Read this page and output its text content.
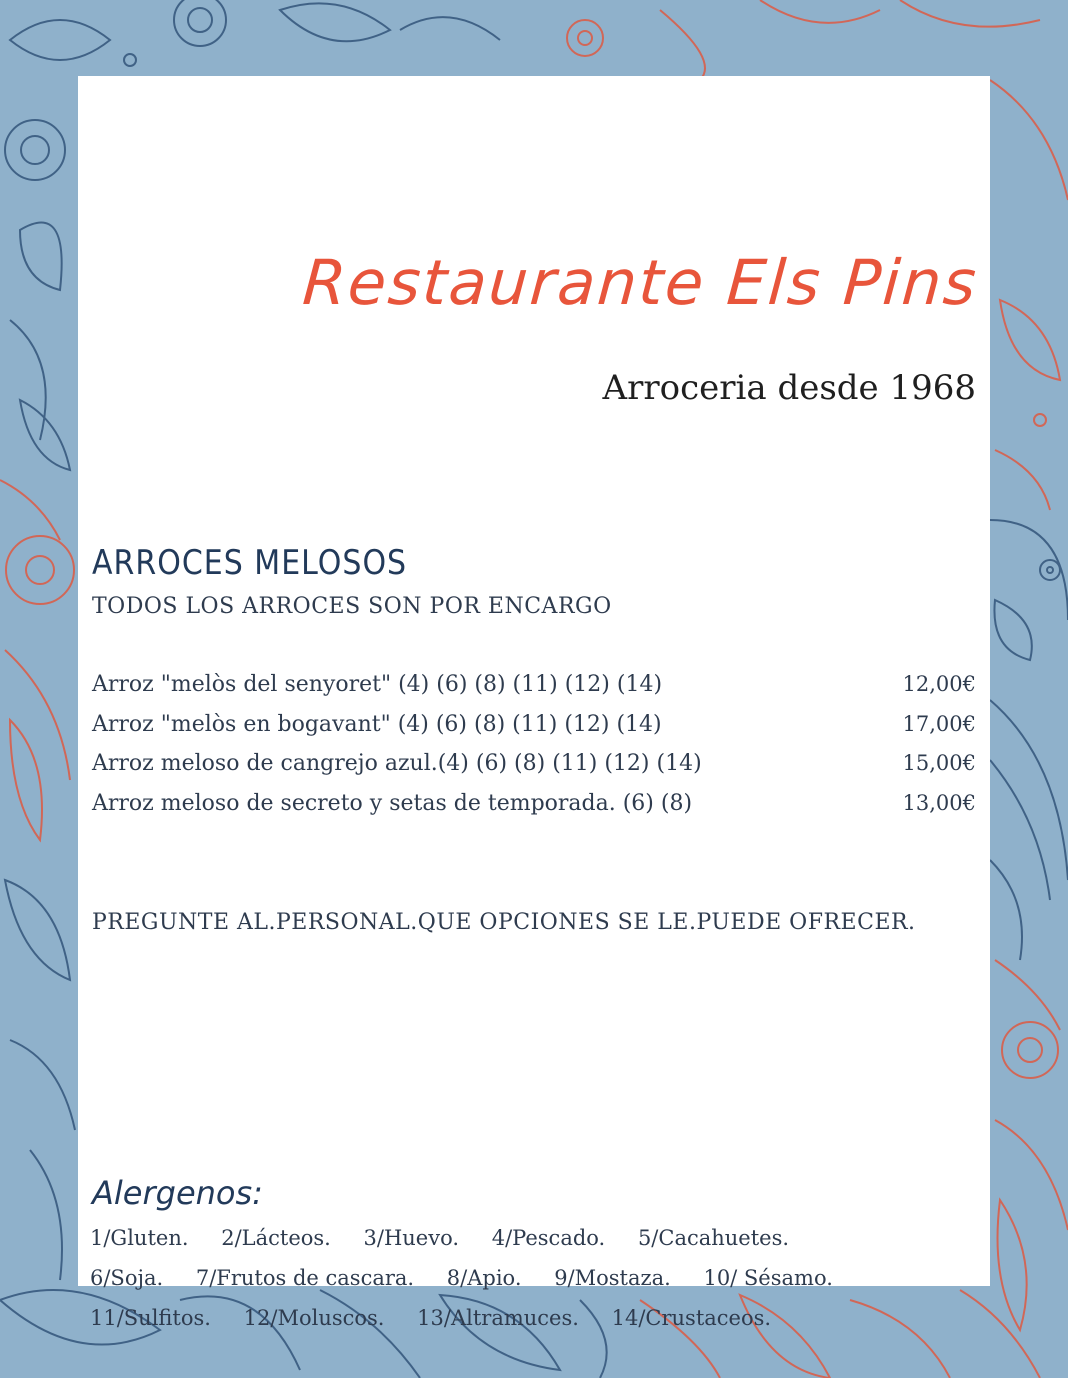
Restaurante Els Pins
Arroceria desde 1968
ARROCES MELOSOS
TODOS LOS ARROCES SON POR ENCARGO
Arroz "melòs del senyoret" (4) (6) (8) (11) (12) (14)	12,00€
Arroz "melòs en bogavant" (4) (6) (8) (11) (12) (14)	17,00€
Arroz meloso de cangrejo azul.(4) (6) (8) (11) (12) (14)	15,00€
Arroz meloso de secreto y setas de temporada. (6) (8)	13,00€
PREGUNTE AL.PERSONAL.QUE OPCIONES SE LE.PUEDE OFRECER.
Alergenos:
1/Gluten. 2/Lácteos. 3/Huevo. 4/Pescado. 5/Cacahuetes.
6/Soja. 7/Frutos de cascara. 8/Apio. 9/Mostaza. 10/ Sésamo.
11/Sulfitos. 12/Moluscos. 13/Altramuces. 14/Crustaceos.
